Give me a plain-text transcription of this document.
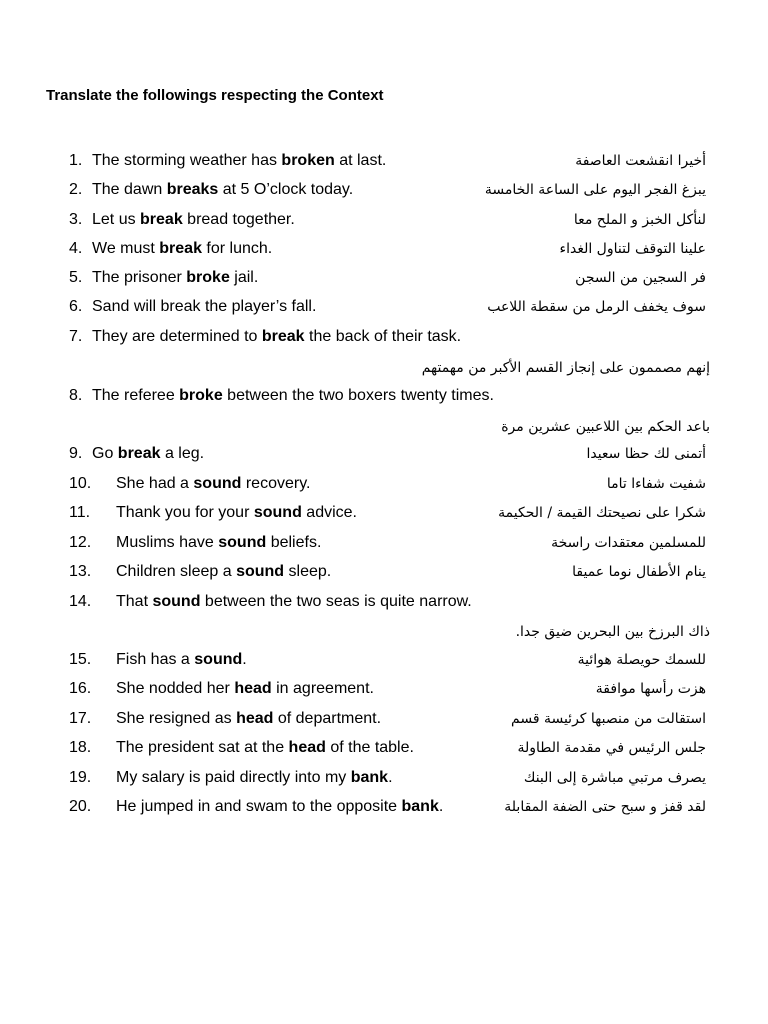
Translate the followings respecting the Context
1. The storming weather has broken at last.	أخيرا انقشعت العاصفة
2. The dawn breaks at 5 O’clock today.	يبزغ الفجر اليوم على الساعة الخامسة
3. Let us break bread together.	لنأكل الخبز و الملح معا
4. We must break for lunch.	علينا التوقف لتناول الغداء
5. The prisoner broke jail.	فر السجين من السجن
6. Sand will break the player’s fall.	سوف يخفف الرمل من سقطة اللاعب
7. They are determined to break the back of their task.
إنهم مصممون على إنجاز القسم الأكبر من مهمتهم
8. The referee broke between the two boxers twenty times.
باعد الحكم بين اللاعبين عشرين مرة
9. Go break a leg.	أتمنى لك حظا سعيدا
10. She had a sound recovery.	شفيت شفاءا تاما
11. Thank you for your sound advice.	شكرا على نصيحتك القيمة / الحكيمة
12. Muslims have sound beliefs.	للمسلمين معتقدات راسخة
13. Children sleep a sound sleep.	ينام الأطفال نوما عميقا
14. That sound between the two seas is quite narrow.
ذاك البرزخ بين البحرين ضيق جدا.
15. Fish has a sound.	للسمك حويصلة هوائية
16. She nodded her head in agreement.	هزت رأسها موافقة
17. She resigned as head of department.	استقالت من منصبها كرئيسة قسم
18. The president sat at the head of the table.	جلس الرئيس في مقدمة الطاولة
19. My salary is paid directly into my bank.	يصرف مرتبي مباشرة إلى البنك
20. He jumped in and swam to the opposite bank.	لقد قفز و سبح حتى الضفة المقابلة
